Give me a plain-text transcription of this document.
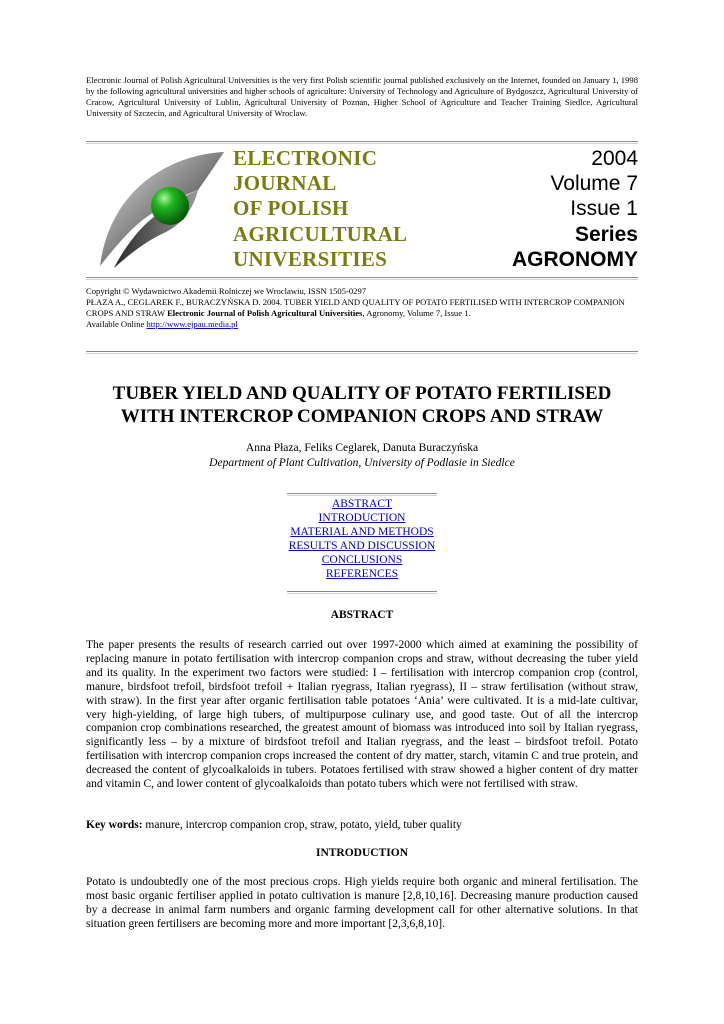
Electronic Journal of Polish Agricultural Universities is the very first Polish scientific journal published exclusively on the Internet, founded on January 1, 1998 by the following agricultural universities and higher schools of agriculture: University of Technology and Agriculture of Bydgoszcz, Agricultural University of Cracow, Agricultural University of Lublin, Agricultural University of Poznan, Higher School of Agriculture and Teacher Training Siedlce, Agricultural University of Szczecin, and Agricultural University of Wroclaw.
ELECTRONIC
JOURNAL
OF POLISH
AGRICULTURAL
UNIVERSITIES
2004
Volume 7
Issue 1
Series
AGRONOMY
Copyright © Wydawnictwo Akademii Rolniczej we Wroclawiu, ISSN 1505-0297
PŁAZA A., CEGLAREK F., BURACZYŃSKA D. 2004. TUBER YIELD AND QUALITY OF POTATO FERTILISED WITH INTERCROP COMPANION CROPS AND STRAW Electronic Journal of Polish Agricultural Universities, Agronomy, Volume 7, Issue 1.
Available Online http://www.ejpau.media.pl
TUBER YIELD AND QUALITY OF POTATO FERTILISED
WITH INTERCROP COMPANION CROPS AND STRAW
Anna Płaza, Feliks Ceglarek, Danuta Buraczyńska
Department of Plant Cultivation, University of Podlasie in Siedlce
ABSTRACT
INTRODUCTION
MATERIAL AND METHODS
RESULTS AND DISCUSSION
CONCLUSIONS
REFERENCES
ABSTRACT
The paper presents the results of research carried out over 1997-2000 which aimed at examining the possibility of replacing manure in potato fertilisation with intercrop companion crops and straw, without decreasing the tuber yield and its quality. In the experiment two factors were studied: I – fertilisation with intercrop companion crop (control, manure, birdsfoot trefoil, birdsfoot trefoil + Italian ryegrass, Italian ryegrass), II – straw fertilisation (without straw, with straw). In the first year after organic fertilisation table potatoes ‘Ania’ were cultivated. It is a mid-late cultivar, very high-yielding, of large high tubers, of multipurpose culinary use, and good taste. Out of all the intercrop companion crop combinations researched, the greatest amount of biomass was introduced into soil by Italian ryegrass, significantly less – by a mixture of birdsfoot trefoil and Italian ryegrass, and the least – birdsfoot trefoil. Potato fertilisation with intercrop companion crops increased the content of dry matter, starch, vitamin C and true protein, and decreased the content of glycoalkaloids in tubers. Potatoes fertilised with straw showed a higher content of dry matter and vitamin C, and lower content of glycoalkaloids than potato tubers which were not fertilised with straw.
Key words: manure, intercrop companion crop, straw, potato, yield, tuber quality
INTRODUCTION
Potato is undoubtedly one of the most precious crops. High yields require both organic and mineral fertilisation. The most basic organic fertiliser applied in potato cultivation is manure [2,8,10,16]. Decreasing manure production caused by a decrease in animal farm numbers and organic farming development call for other alternative solutions. In that situation green fertilisers are becoming more and more important [2,3,6,8,10].
